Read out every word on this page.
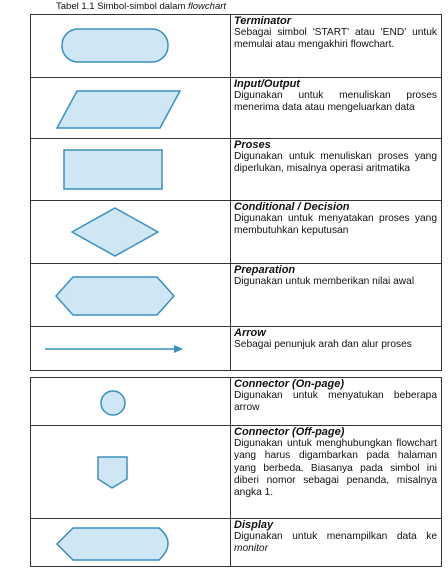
Tabel 1.1 Simbol-simbol dalam flowchart

Terminator
Sebagai simbol 'START' atau 'END' untuk memulai atau mengakhiri flowchart.

Input/Output
Digunakan untuk menuliskan proses menerima data atau mengeluarkan data

Proses
Digunakan untuk menuliskan proses yang diperlukan, misalnya operasi aritmatika

Conditional / Decision
Digunakan untuk menyatakan proses yang membutuhkan keputusan

Preparation
Digunakan untuk memberikan nilai awal

Arrow
Sebagai penunjuk arah dan alur proses

Connector (On-page)
Digunakan untuk menyatukan beberapa arrow

Connector (Off-page)
Digunakan untuk menghubungkan flowchart yang harus digambarkan pada halaman yang berbeda. Biasanya pada simbol ini diberi nomor sebagai penanda, misalnya angka 1.

Display
Digunakan untuk menampilkan data ke monitor
